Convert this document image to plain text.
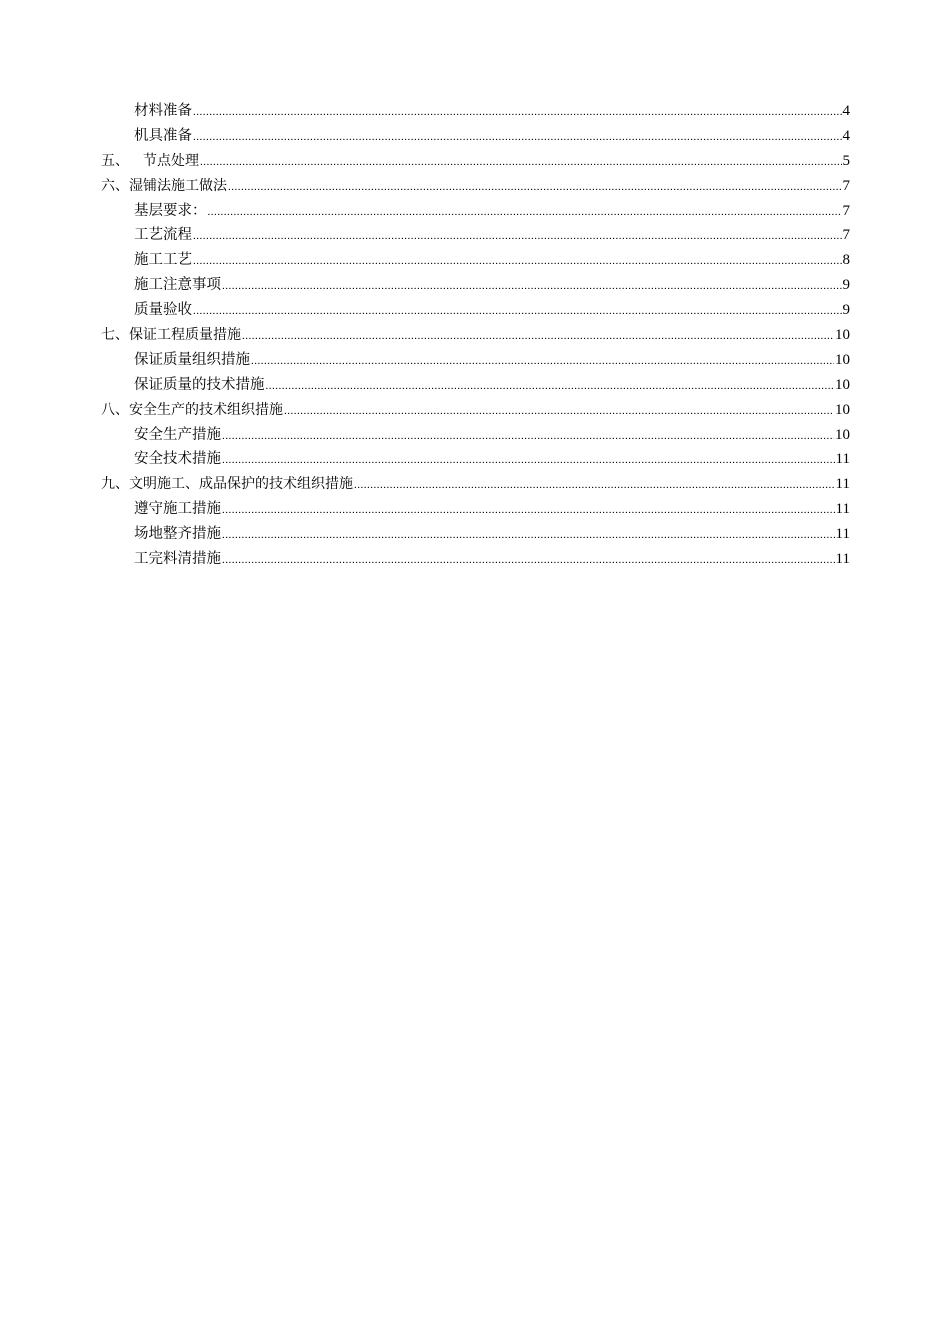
材料准备 .....	4
机具准备 .....	4
五、 节点处理 .....	5
六、 湿铺法施工做法 .....	7
基层要求： .....	7
工艺流程 .....	7
施工工艺 .....	8
施工注意事项 .....	9
质量验收 .....	9
七、 保证工程质量措施 .....	10
保证质量组织措施 .....	10
保证质量的技术措施 .....	10
八、 安全生产的技术组织措施 .....	10
安全生产措施 .....	10
安全技术措施 .....	11
九、 文明施工、成品保护的技术组织措施 .....	11
遵守施工措施 .....	11
场地整齐措施 .....	11
工完料清措施 .....	11
